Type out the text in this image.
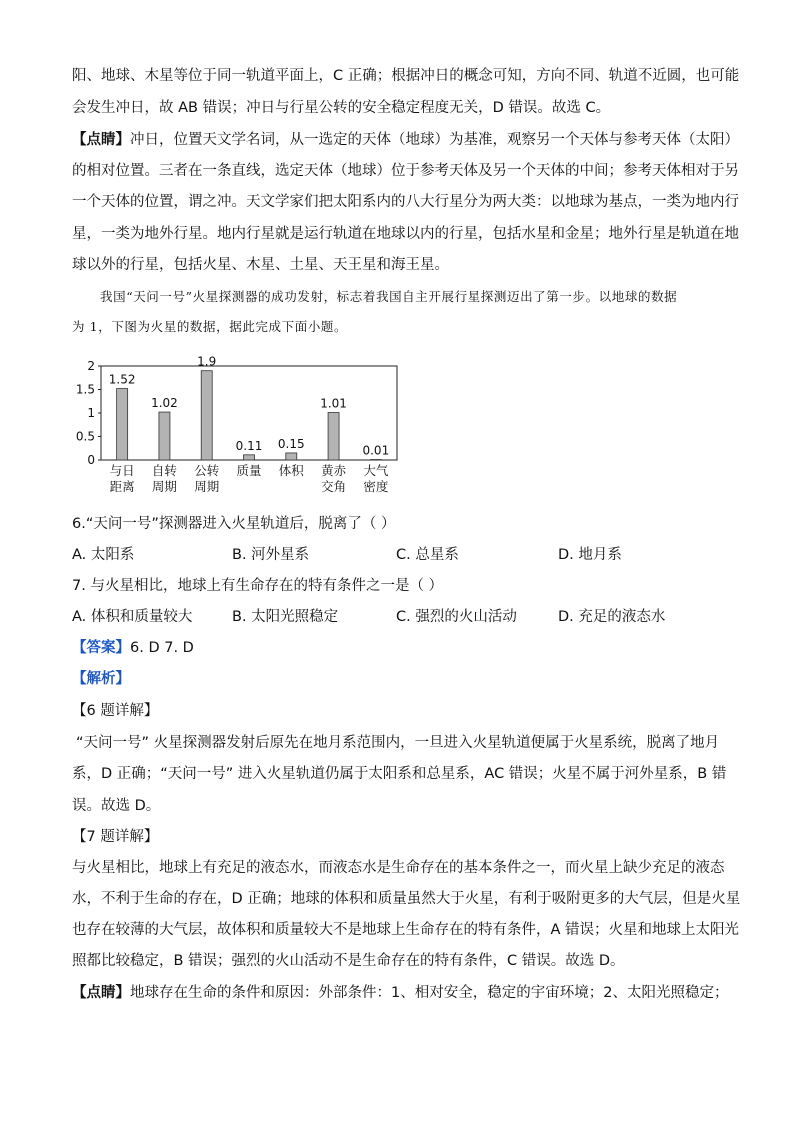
阳、地球、木星等位于同一轨道平面上，C 正确；根据冲日的概念可知，方向不同、轨道不近圆，也可能
会发生冲日，故 AB 错误；冲日与行星公转的安全稳定程度无关，D 错误。故选 C。
【点睛】冲日，位置天文学名词，从一选定的天体（地球）为基准，观察另一个天体与参考天体（太阳）
的相对位置。三者在一条直线，选定天体（地球）位于参考天体及另一个天体的中间；参考天体相对于另
一个天体的位置，谓之冲。天文学家们把太阳系内的八大行星分为两大类：以地球为基点，一类为地内行
星，一类为地外行星。地内行星就是运行轨道在地球以内的行星，包括水星和金星；地外行星是轨道在地
球以外的行星，包括火星、木星、土星、天王星和海王星。
我国“天问一号”火星探测器的成功发射，标志着我国自主开展行星探测迈出了第一步。以地球的数据
为 1，下图为火星的数据，据此完成下面小题。
2
1.5
1
0.5
0
1.52
与日
距离
1.02
自转
周期
1.9
公转
周期
0.11
质量
0.15
体积
1.01
黄赤
交角
0.01
大气
密度
6.“天问一号”探测器进入火星轨道后，脱离了（ ）
A. 太阳系	B. 河外星系	C. 总星系	D. 地月系
7. 与火星相比，地球上有生命存在的特有条件之一是（ ）
A. 体积和质量较大	B. 太阳光照稳定	C. 强烈的火山活动	D. 充足的液态水
【答案】6. D 7. D
【解析】
【6 题详解】
“天问一号” 火星探测器发射后原先在地月系范围内，一旦进入火星轨道便属于火星系统，脱离了地月
系，D 正确；“天问一号” 进入火星轨道仍属于太阳系和总星系，AC 错误；火星不属于河外星系，B 错
误。故选 D。
【7 题详解】
与火星相比，地球上有充足的液态水，而液态水是生命存在的基本条件之一，而火星上缺少充足的液态
水，不利于生命的存在，D 正确；地球的体积和质量虽然大于火星，有利于吸附更多的大气层，但是火星
也存在较薄的大气层，故体积和质量较大不是地球上生命存在的特有条件，A 错误；火星和地球上太阳光
照都比较稳定，B 错误；强烈的火山活动不是生命存在的特有条件，C 错误。故选 D。
【点睛】地球存在生命的条件和原因：外部条件：1、相对安全，稳定的宇宙环境；2、太阳光照稳定；
